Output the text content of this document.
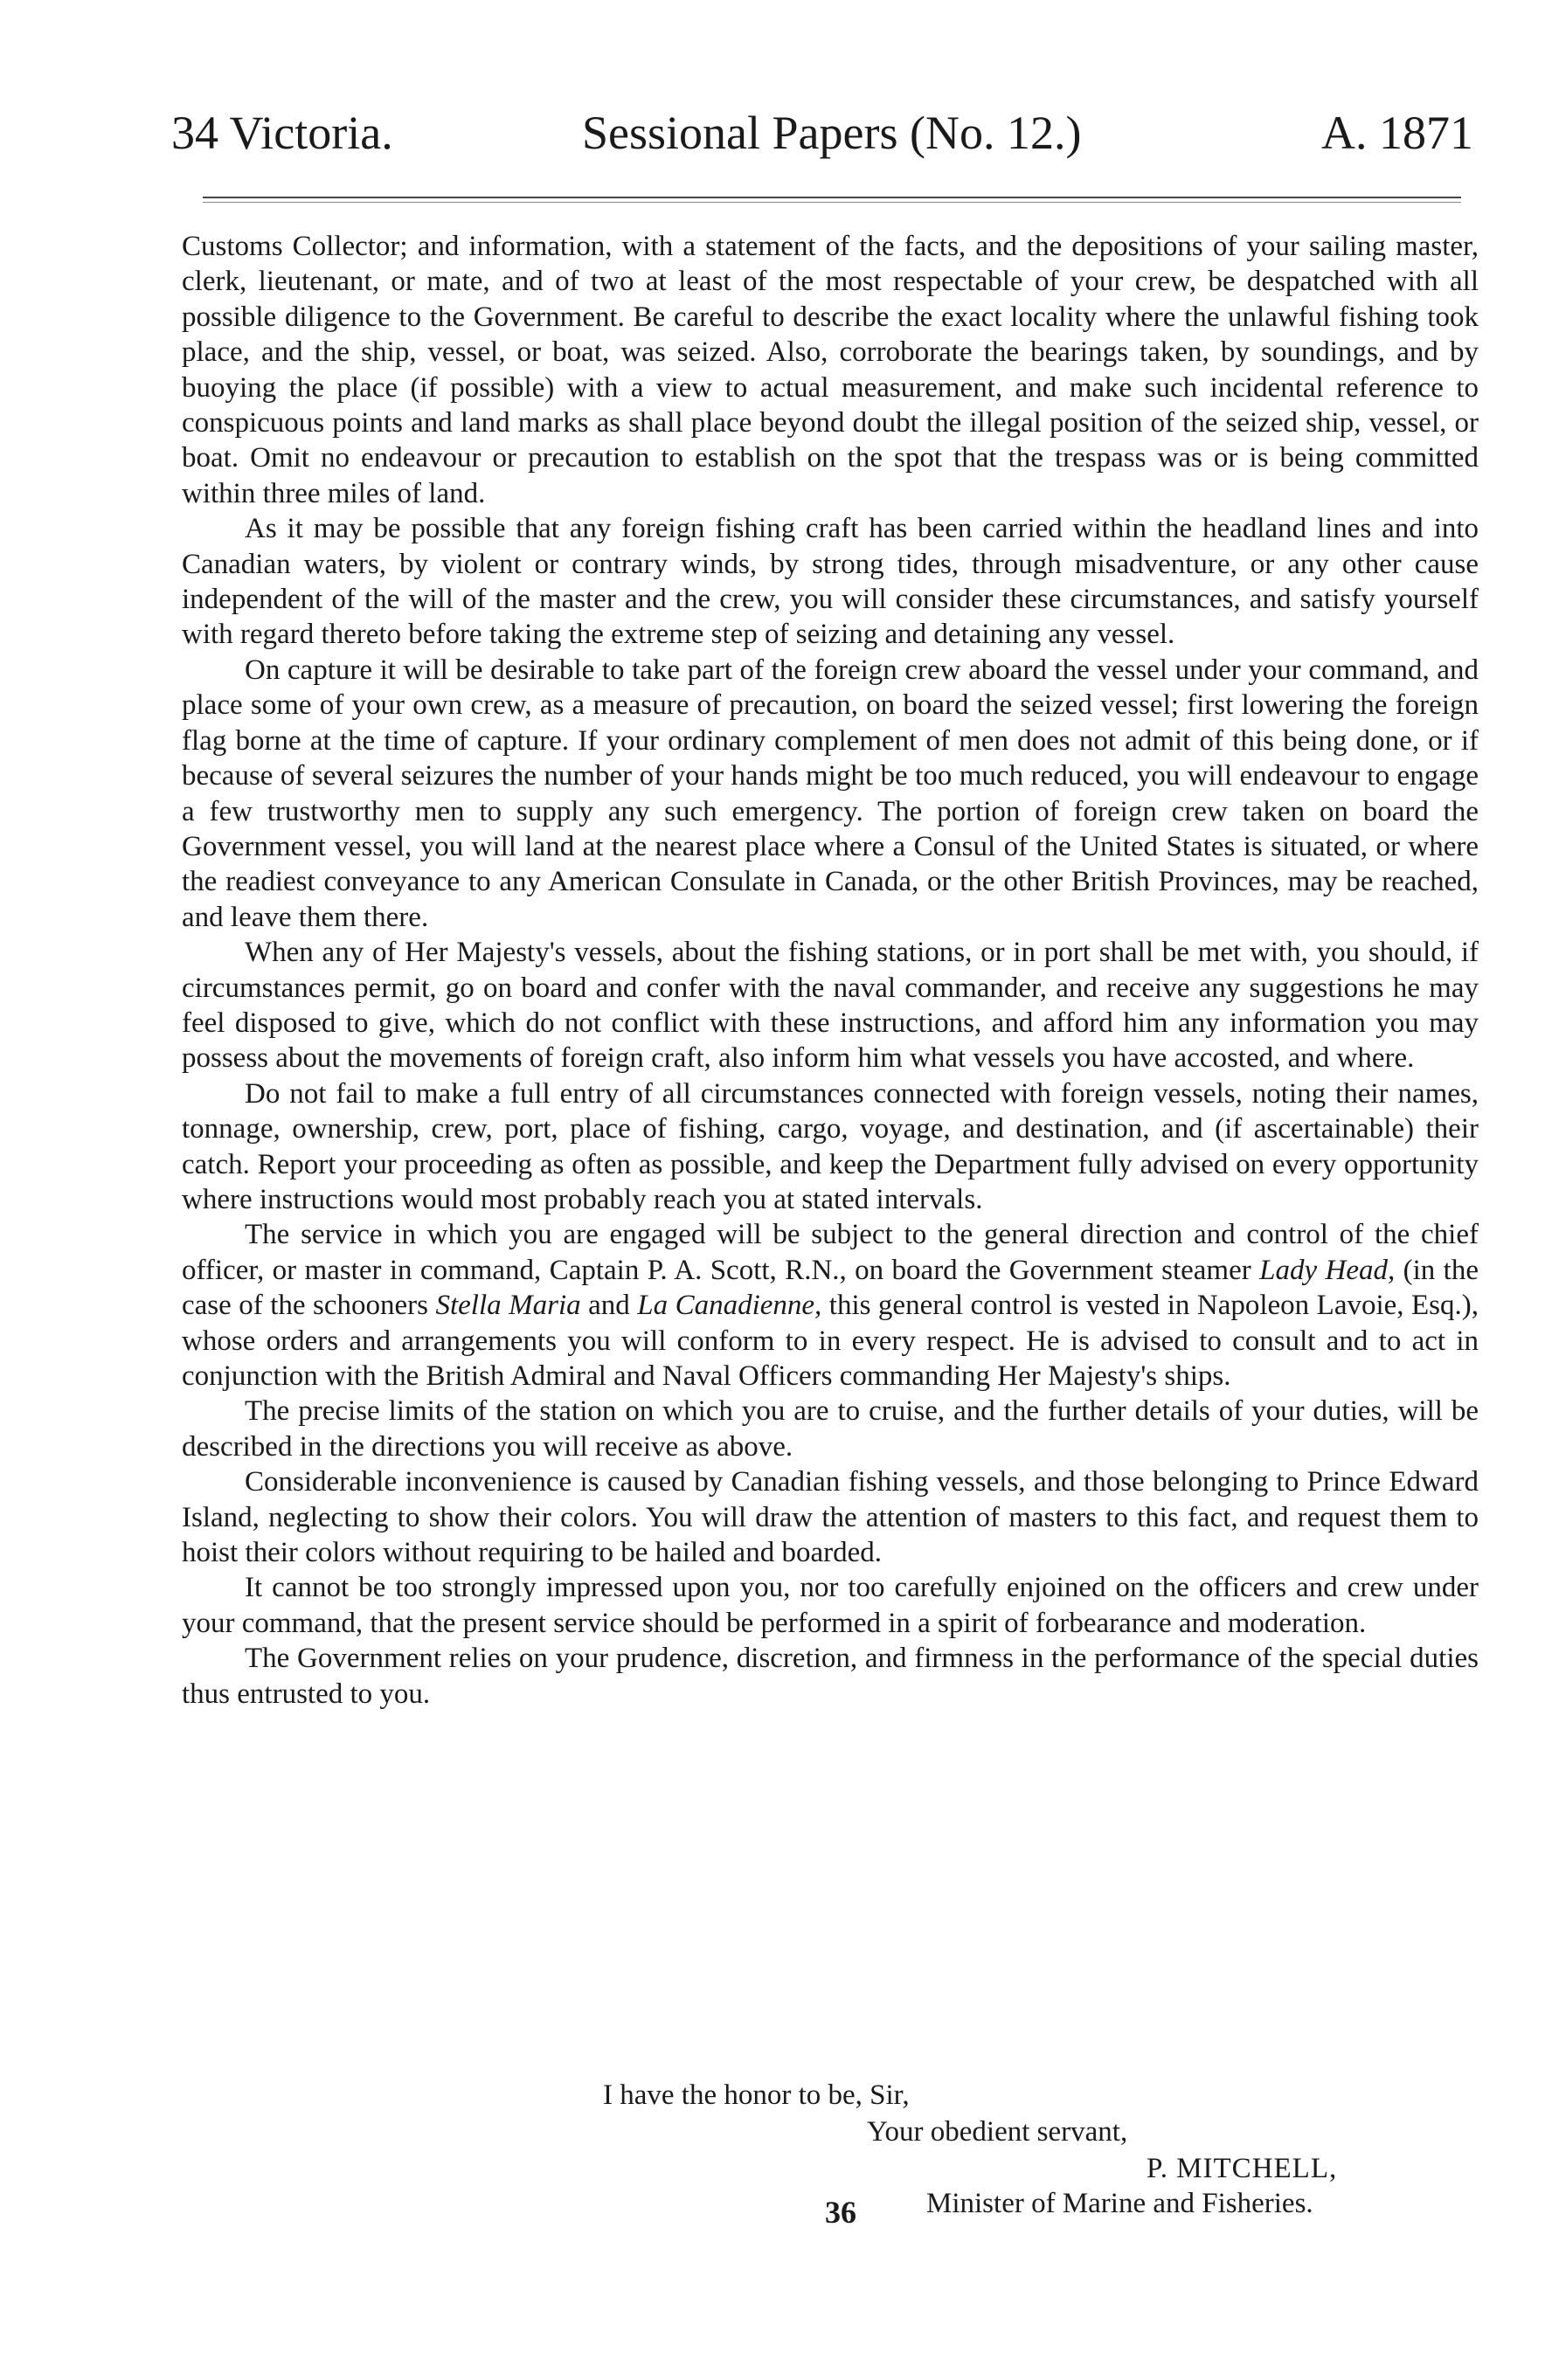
34 Victoria.	Sessional Papers (No. 12.)	A. 1871

Customs Collector; and information, with a statement of the facts, and the depositions of your sailing master, clerk, lieutenant, or mate, and of two at least of the most respectable of your crew, be despatched with all possible diligence to the Government. Be careful to describe the exact locality where the unlawful fishing took place, and the ship, vessel, or boat, was seized. Also, corroborate the bearings taken, by soundings, and by buoying the place (if possible) with a view to actual measurement, and make such incidental reference to conspicuous points and land marks as shall place beyond doubt the illegal position of the seized ship, vessel, or boat. Omit no endeavour or precaution to establish on the spot that the trespass was or is being committed within three miles of land.

As it may be possible that any foreign fishing craft has been carried within the headland lines and into Canadian waters, by violent or contrary winds, by strong tides, through misadventure, or any other cause independent of the will of the master and the crew, you will consider these circumstances, and satisfy yourself with regard thereto before taking the extreme step of seizing and detaining any vessel.

On capture it will be desirable to take part of the foreign crew aboard the vessel under your command, and place some of your own crew, as a measure of precaution, on board the seized vessel; first lowering the foreign flag borne at the time of capture. If your ordinary complement of men does not admit of this being done, or if because of several seizures the number of your hands might be too much reduced, you will endeavour to engage a few trustworthy men to supply any such emergency. The portion of foreign crew taken on board the Government vessel, you will land at the nearest place where a Consul of the United States is situated, or where the readiest conveyance to any American Consulate in Canada, or the other British Provinces, may be reached, and leave them there.

When any of Her Majesty's vessels, about the fishing stations, or in port shall be met with, you should, if circumstances permit, go on board and confer with the naval commander, and receive any suggestions he may feel disposed to give, which do not conflict with these instructions, and afford him any information you may possess about the movements of foreign craft, also inform him what vessels you have accosted, and where.

Do not fail to make a full entry of all circumstances connected with foreign vessels, noting their names, tonnage, ownership, crew, port, place of fishing, cargo, voyage, and destination, and (if ascertainable) their catch. Report your proceeding as often as possible, and keep the Department fully advised on every opportunity where instructions would most probably reach you at stated intervals.

The service in which you are engaged will be subject to the general direction and control of the chief officer, or master in command, Captain P. A. Scott, R.N., on board the Government steamer Lady Head, (in the case of the schooners Stella Maria and La Canadienne, this general control is vested in Napoleon Lavoie, Esq.), whose orders and arrangements you will conform to in every respect. He is advised to consult and to act in conjunction with the British Admiral and Naval Officers commanding Her Majesty's ships.

The precise limits of the station on which you are to cruise, and the further details of your duties, will be described in the directions you will receive as above.

Considerable inconvenience is caused by Canadian fishing vessels, and those belonging to Prince Edward Island, neglecting to show their colors. You will draw the attention of masters to this fact, and request them to hoist their colors without requiring to be hailed and boarded.

It cannot be too strongly impressed upon you, nor too carefully enjoined on the officers and crew under your command, that the present service should be performed in a spirit of forbearance and moderation.

The Government relies on your prudence, discretion, and firmness in the performance of the special duties thus entrusted to you.

I have the honor to be, Sir,
Your obedient servant,
P. MITCHELL,
Minister of Marine and Fisheries.
36
